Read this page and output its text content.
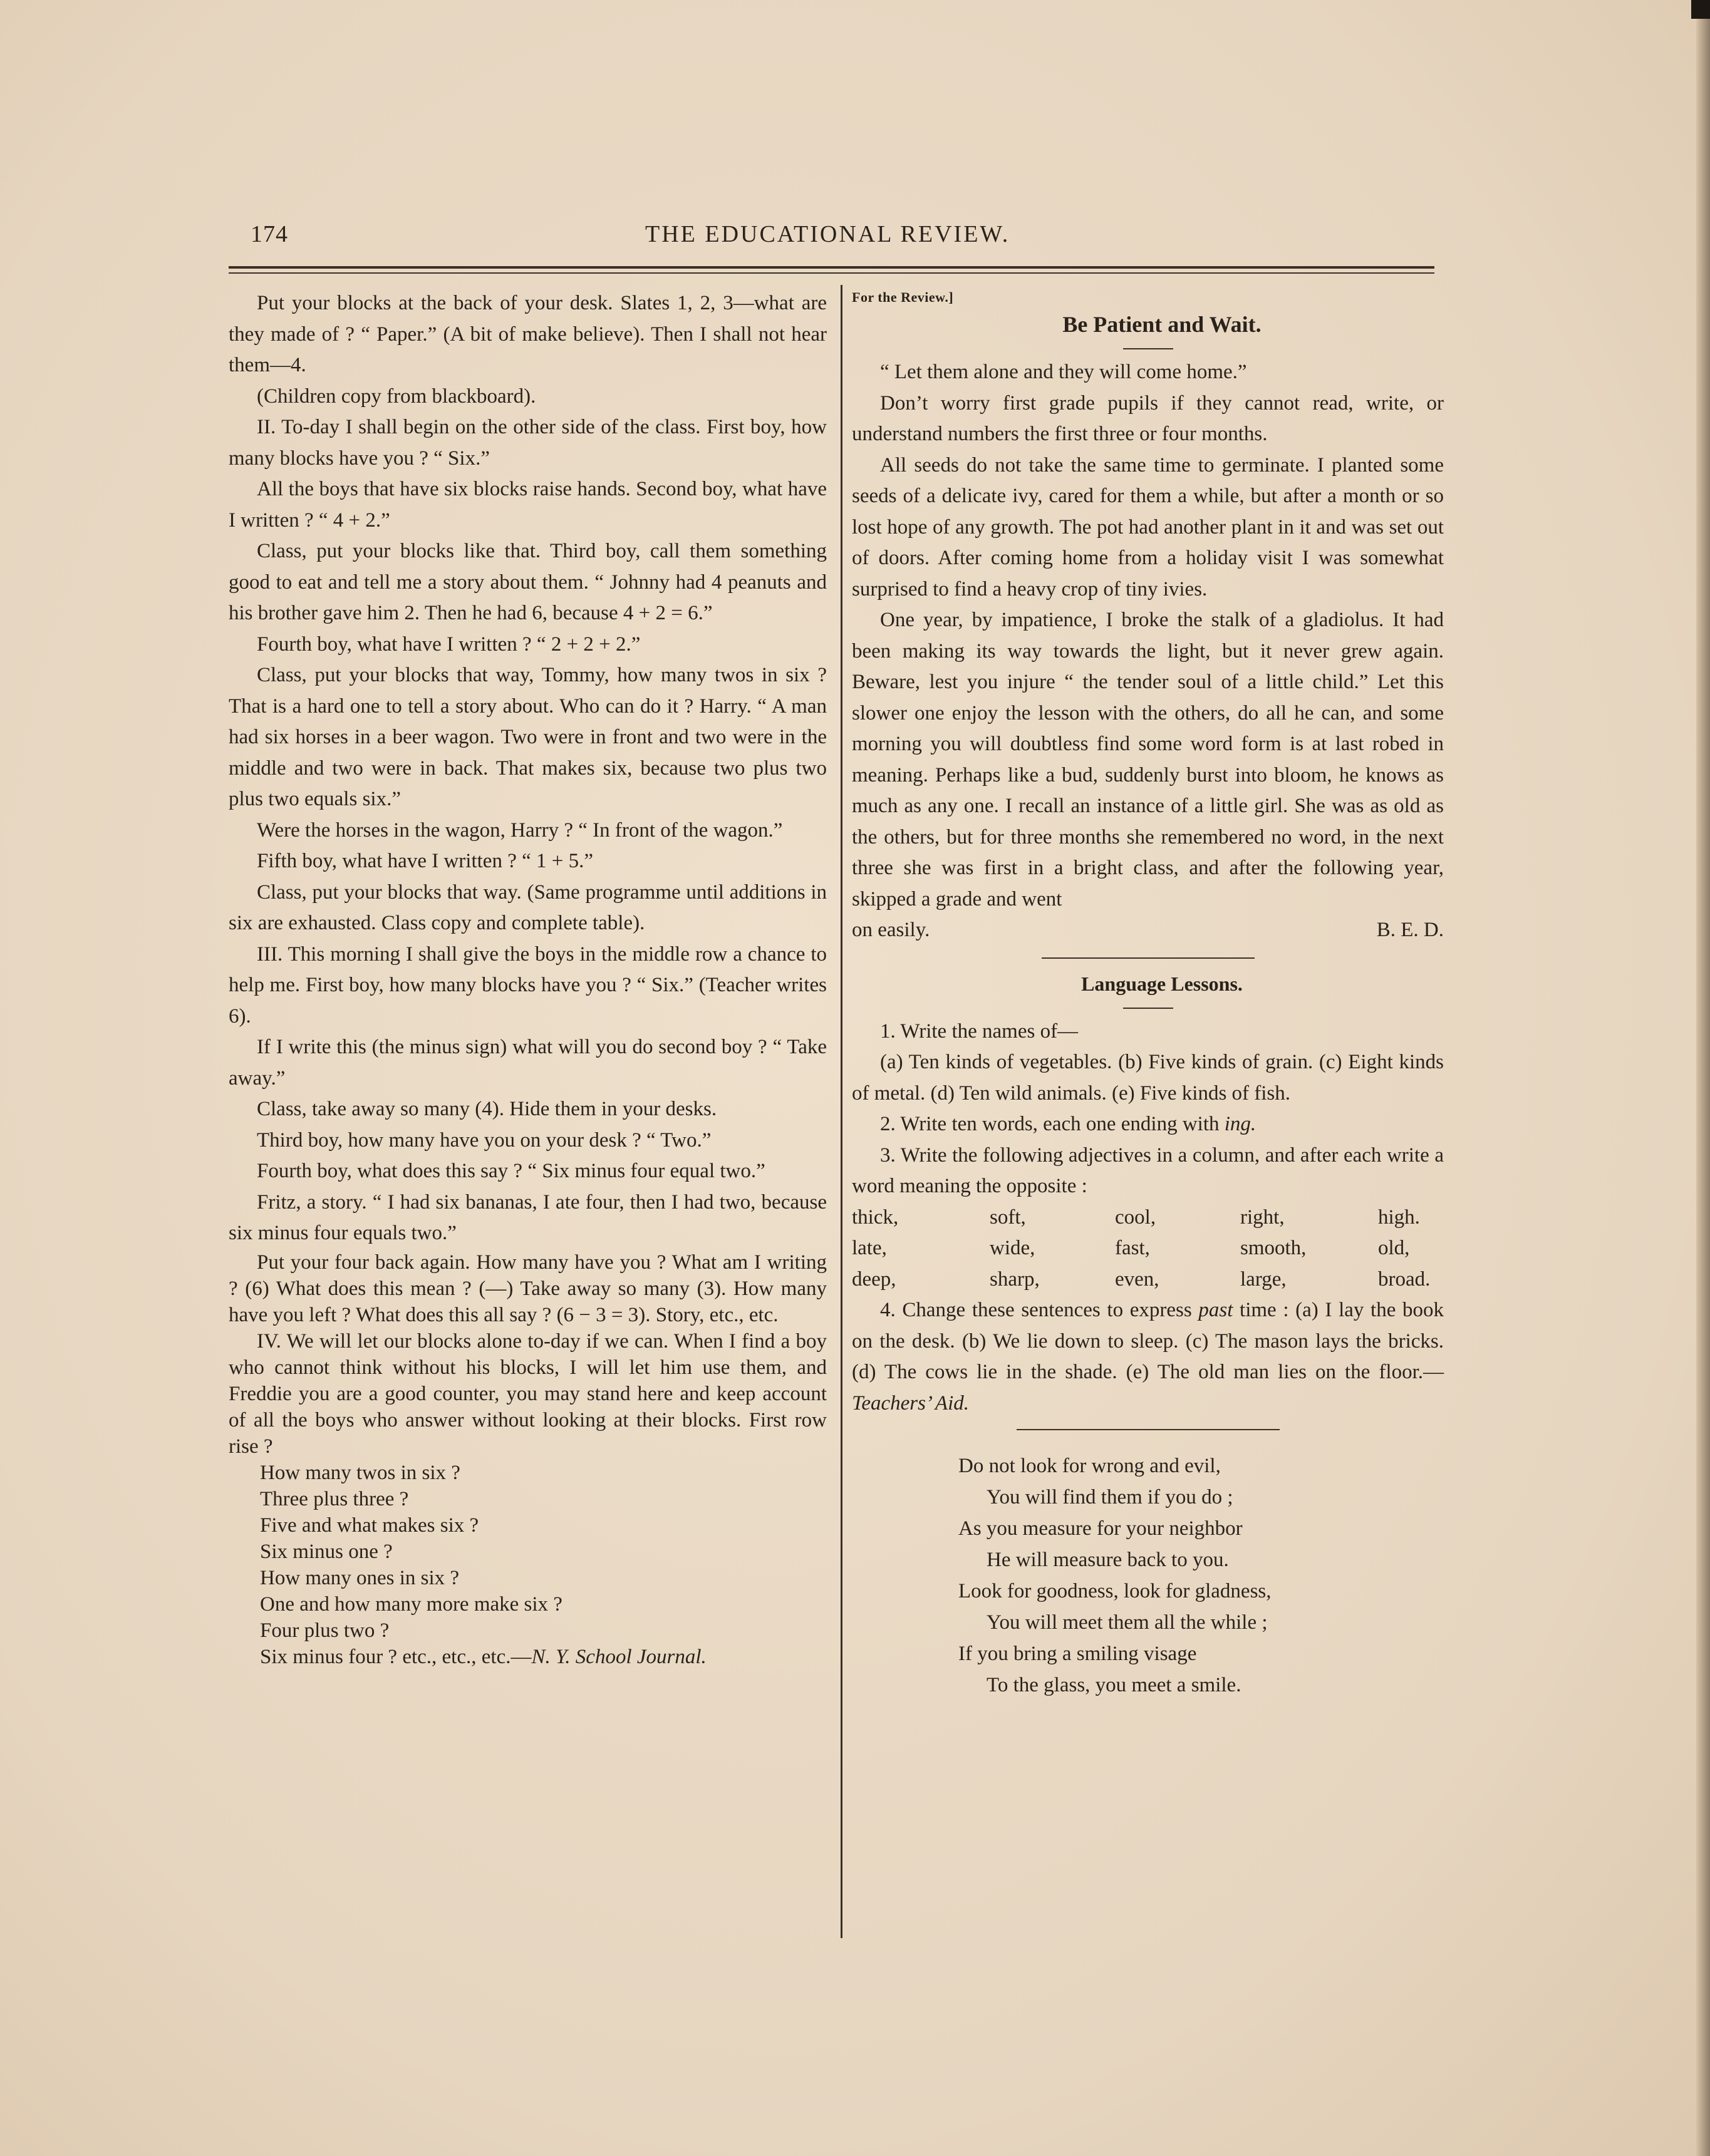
174	THE EDUCATIONAL REVIEW.

Put your blocks at the back of your desk. Slates 1, 2, 3—what are they made of ? “ Paper.” (A bit of make believe). Then I shall not hear them—4.

(Children copy from blackboard).

II. To-day I shall begin on the other side of the class. First boy, how many blocks have you ? “ Six.”

All the boys that have six blocks raise hands. Second boy, what have I written ? “ 4 + 2.”

Class, put your blocks like that. Third boy, call them something good to eat and tell me a story about them. “ Johnny had 4 peanuts and his brother gave him 2. Then he had 6, because 4 + 2 = 6.”

Fourth boy, what have I written ? “ 2 + 2 + 2.”

Class, put your blocks that way, Tommy, how many twos in six ? That is a hard one to tell a story about. Who can do it ? Harry. “ A man had six horses in a beer wagon. Two were in front and two were in the middle and two were in back. That makes six, because two plus two plus two equals six.”

Were the horses in the wagon, Harry ? “ In front of the wagon.”

Fifth boy, what have I written ? “ 1 + 5.”

Class, put your blocks that way. (Same programme until additions in six are exhausted. Class copy and complete table).

III. This morning I shall give the boys in the middle row a chance to help me. First boy, how many blocks have you ? “ Six.” (Teacher writes 6).

If I write this (the minus sign) what will you do second boy ? “ Take away.”

Class, take away so many (4). Hide them in your desks.

Third boy, how many have you on your desk ? “ Two.”

Fourth boy, what does this say ? “ Six minus four equal two.”

Fritz, a story. “ I had six bananas, I ate four, then I had two, because six minus four equals two.”

Put your four back again. How many have you ? What am I writing ? (6) What does this mean ? (—) Take away so many (3). How many have you left ? What does this all say ? (6 − 3 = 3). Story, etc., etc.

IV. We will let our blocks alone to-day if we can. When I find a boy who cannot think without his blocks, I will let him use them, and Freddie you are a good counter, you may stand here and keep account of all the boys who answer without looking at their blocks. First row rise ?

How many twos in six ?

Three plus three ?

Five and what makes six ?

Six minus one ?

How many ones in six ?

One and how many more make six ?

Four plus two ?

Six minus four ? etc., etc., etc.—N. Y. School Journal.

For the Review.]

Be Patient and Wait.

“ Let them alone and they will come home.”

Don’t worry first grade pupils if they cannot read, write, or understand numbers the first three or four months.

All seeds do not take the same time to germinate. I planted some seeds of a delicate ivy, cared for them a while, but after a month or so lost hope of any growth. The pot had another plant in it and was set out of doors. After coming home from a holiday visit I was somewhat surprised to find a heavy crop of tiny ivies.

One year, by impatience, I broke the stalk of a gladiolus. It had been making its way towards the light, but it never grew again. Beware, lest you injure “ the tender soul of a little child.” Let this slower one enjoy the lesson with the others, do all he can, and some morning you will doubtless find some word form is at last robed in meaning. Perhaps like a bud, suddenly burst into bloom, he knows as much as any one. I recall an instance of a little girl. She was as old as the others, but for three months she remembered no word, in the next three she was first in a bright class, and after the following year, skipped a grade and went

on easily.	B. E. D.

Language Lessons.

1. Write the names of—

(a) Ten kinds of vegetables. (b) Five kinds of grain. (c) Eight kinds of metal. (d) Ten wild animals. (e) Five kinds of fish.

2. Write ten words, each one ending with ing.

3. Write the following adjectives in a column, and after each write a word meaning the opposite :

thick,	soft,	cool,	right,	high.
late,	wide,	fast,	smooth,	old,
deep,	sharp,	even,	large,	broad.

4. Change these sentences to express past time : (a) I lay the book on the desk. (b) We lie down to sleep. (c) The mason lays the bricks. (d) The cows lie in the shade. (e) The old man lies on the floor.—Teachers’ Aid.

Do not look for wrong and evil,

You will find them if you do ;

As you measure for your neighbor

He will measure back to you.

Look for goodness, look for gladness,

You will meet them all the while ;

If you bring a smiling visage

To the glass, you meet a smile.
